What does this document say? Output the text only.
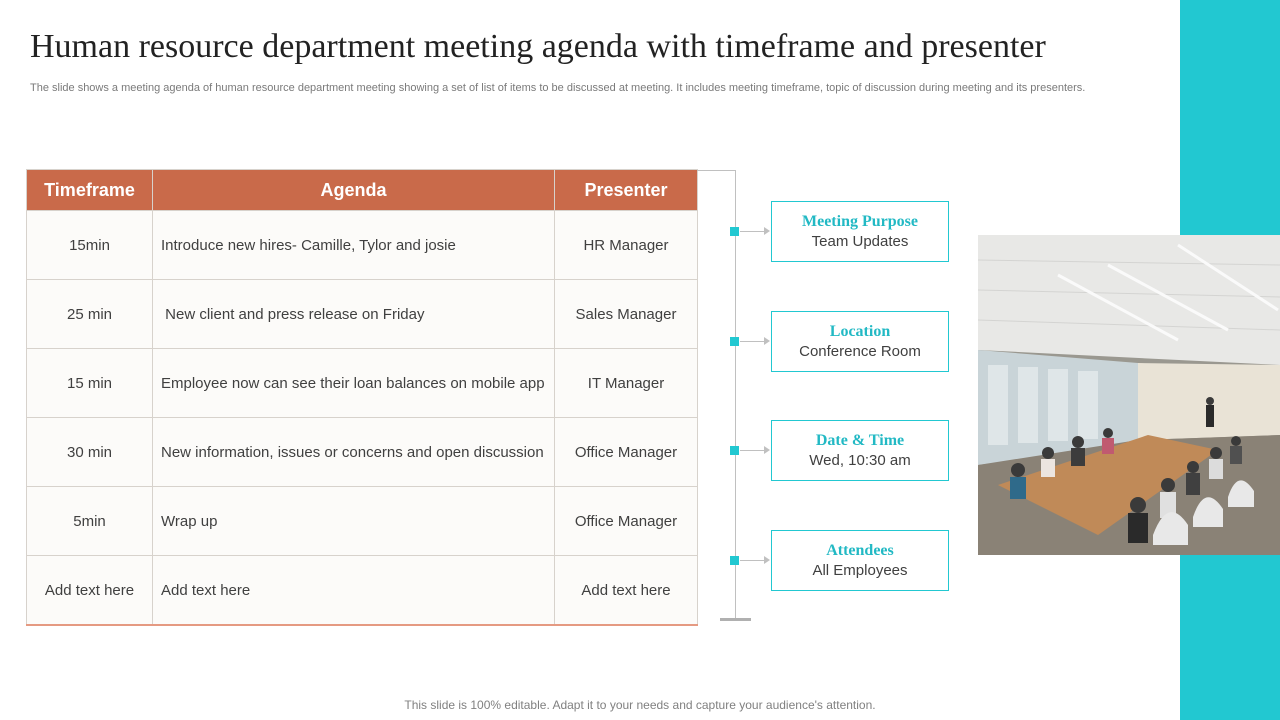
Human resource department meeting agenda with timeframe and presenter

The slide shows a meeting agenda of human resource department meeting showing a set of list of items to be discussed at meeting. It includes meeting timeframe, topic of discussion during meeting and its presenters.

Timeframe	Agenda	Presenter
15min	Introduce new hires- Camille, Tylor and josie	HR Manager
25 min	New client and press release on Friday	Sales Manager
15 min	Employee now can see their loan balances on mobile app	IT Manager
30 min	New information, issues or concerns and open discussion	Office Manager
5min	Wrap up	Office Manager
Add text here	Add text here	Add text here
Meeting Purpose
Team Updates
Location
Conference Room
Date & Time
Wed, 10:30 am
Attendees
All Employees
This slide is 100% editable. Adapt it to your needs and capture your audience's attention.
